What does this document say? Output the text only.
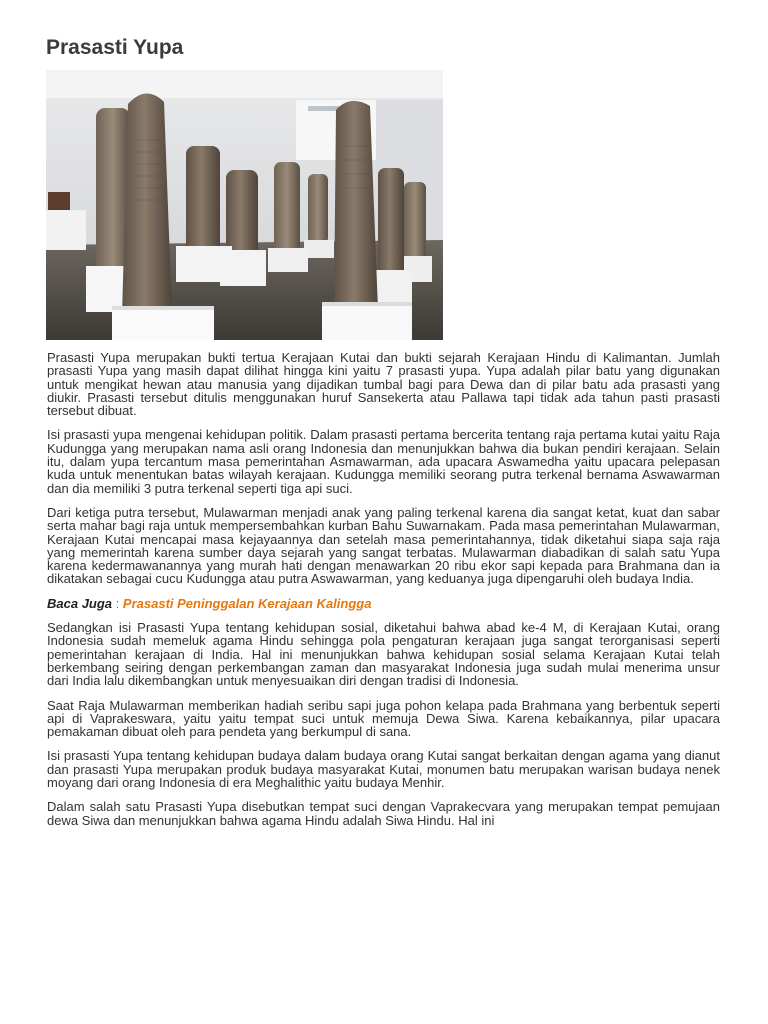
Prasasti Yupa

Prasasti Yupa merupakan bukti tertua Kerajaan Kutai dan bukti sejarah Kerajaan Hindu di Kalimantan. Jumlah prasasti Yupa yang masih dapat dilihat hingga kini yaitu 7 prasasti yupa. Yupa adalah pilar batu yang digunakan untuk mengikat hewan atau manusia yang dijadikan tumbal bagi para Dewa dan di pilar batu ada prasasti yang diukir. Prasasti tersebut ditulis menggunakan huruf Sansekerta atau Pallawa tapi tidak ada tahun pasti prasasti tersebut dibuat.

Isi prasasti yupa mengenai kehidupan politik. Dalam prasasti pertama bercerita tentang raja pertama kutai yaitu Raja Kudungga yang merupakan nama asli orang Indonesia dan menunjukkan bahwa dia bukan pendiri kerajaan. Selain itu, dalam yupa tercantum masa pemerintahan Asmawarman, ada upacara Aswamedha yaitu upacara pelepasan kuda untuk menentukan batas wilayah kerajaan. Kudungga memiliki seorang putra terkenal bernama Aswawarman dan dia memiliki 3 putra terkenal seperti tiga api suci.

Dari ketiga putra tersebut, Mulawarman menjadi anak yang paling terkenal karena dia sangat ketat, kuat dan sabar serta mahar bagi raja untuk mempersembahkan kurban Bahu Suwarnakam. Pada masa pemerintahan Mulawarman, Kerajaan Kutai mencapai masa kejayaannya dan setelah masa pemerintahannya, tidak diketahui siapa saja raja yang memerintah karena sumber daya sejarah yang sangat terbatas. Mulawarman diabadikan di salah satu Yupa karena kedermawanannya yang murah hati dengan menawarkan 20 ribu ekor sapi kepada para Brahmana dan ia dikatakan sebagai cucu Kudungga atau putra Aswawarman, yang keduanya juga dipengaruhi oleh budaya India.

Baca Juga : Prasasti Peninggalan Kerajaan Kalingga

Sedangkan isi Prasasti Yupa tentang kehidupan sosial, diketahui bahwa abad ke-4 M, di Kerajaan Kutai, orang Indonesia sudah memeluk agama Hindu sehingga pola pengaturan kerajaan juga sangat terorganisasi seperti pemerintahan kerajaan di India. Hal ini menunjukkan bahwa kehidupan sosial selama Kerajaan Kutai telah berkembang seiring dengan perkembangan zaman dan masyarakat Indonesia juga sudah mulai menerima unsur dari India lalu dikembangkan untuk menyesuaikan diri dengan tradisi di Indonesia.

Saat Raja Mulawarman memberikan hadiah seribu sapi juga pohon kelapa pada Brahmana yang berbentuk seperti api di Vaprakeswara, yaitu yaitu tempat suci untuk memuja Dewa Siwa. Karena kebaikannya, pilar upacara pemakaman dibuat oleh para pendeta yang berkumpul di sana.

Isi prasasti Yupa tentang kehidupan budaya dalam budaya orang Kutai sangat berkaitan dengan agama yang dianut dan prasasti Yupa merupakan produk budaya masyarakat Kutai, monumen batu merupakan warisan budaya nenek moyang dari orang Indonesia di era Meghalithic yaitu budaya Menhir.

Dalam salah satu Prasasti Yupa disebutkan tempat suci dengan Vaprakecvara yang merupakan tempat pemujaan dewa Siwa dan menunjukkan bahwa agama Hindu adalah Siwa Hindu. Hal ini
